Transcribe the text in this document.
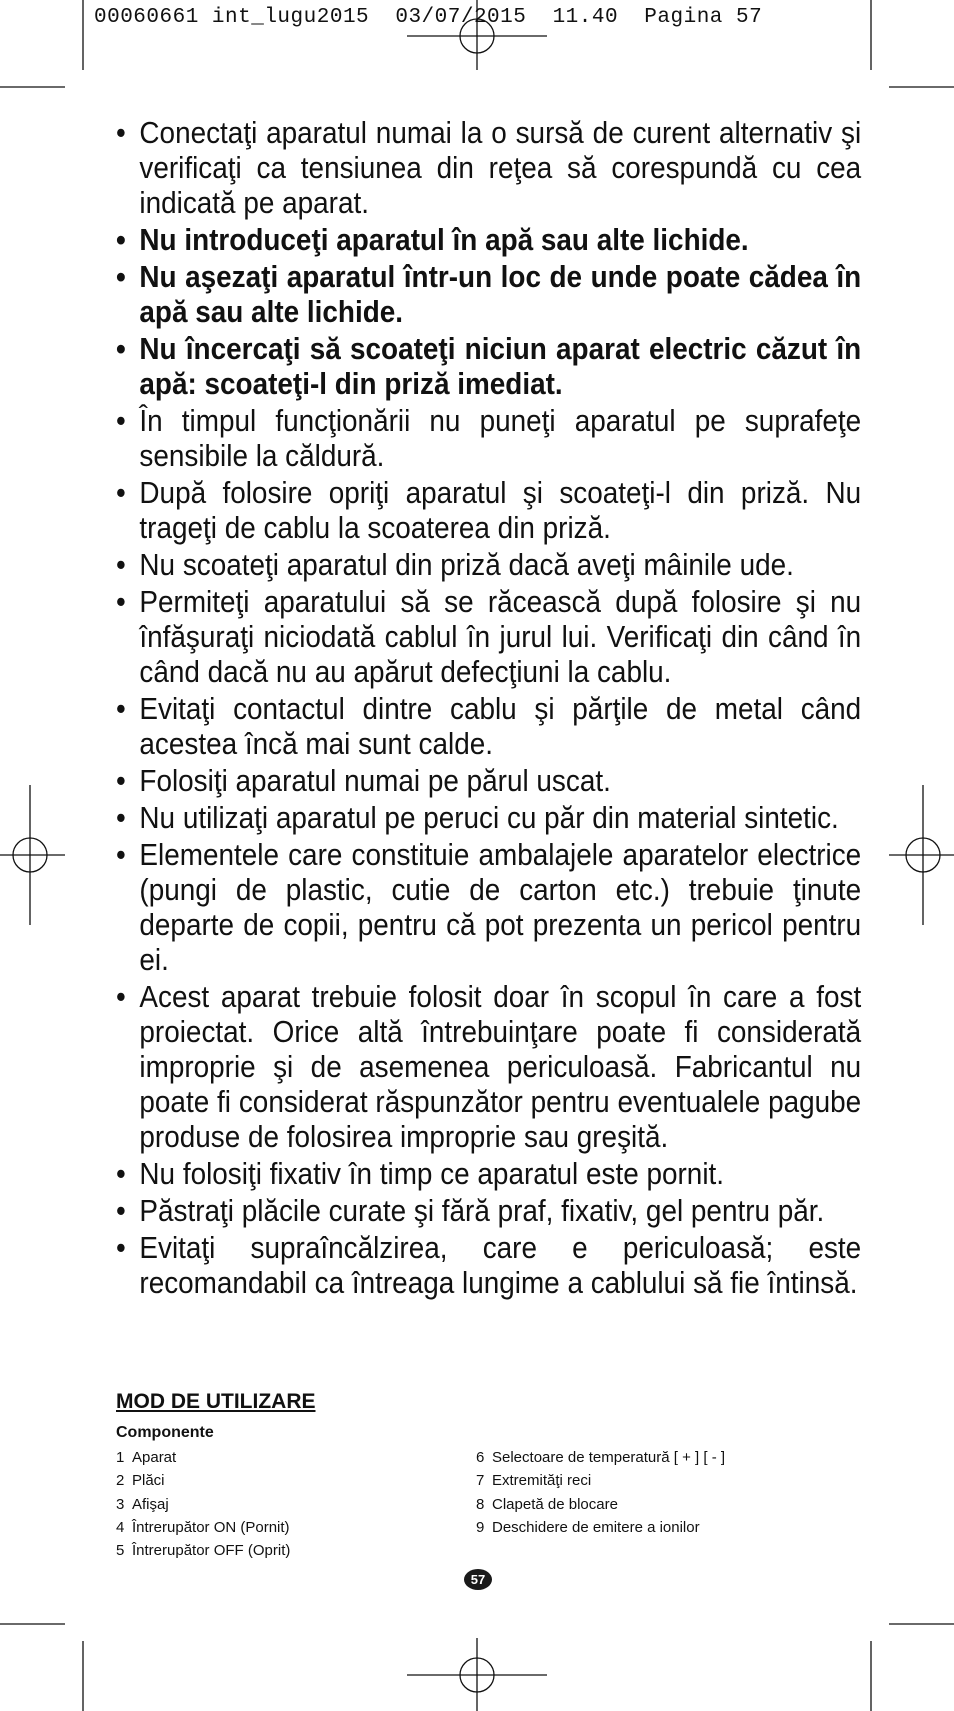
00060661 int_lugu2015  03/07/2015  11.40  Pagina 57
• Conectaţi aparatul numai la o sursă de curent alternativ şi verificaţi ca tensiunea din reţea să corespundă cu cea indicată pe aparat.
• Nu introduceţi aparatul în apă sau alte lichide.
• Nu aşezaţi aparatul într-un loc de unde poate cădea în apă sau alte lichide.
• Nu încercaţi să scoateţi niciun aparat electric căzut în apă: scoateţi-l din priză imediat.
• În timpul funcţionării nu puneţi aparatul pe suprafeţe sensibile la căldură.
• După folosire opriţi aparatul şi scoateţi-l din priză. Nu trageţi de cablu la scoaterea din priză.
• Nu scoateţi aparatul din priză dacă aveţi mâinile ude.
• Permiteţi aparatului să se răcească după folosire şi nu înfăşuraţi niciodată cablul în jurul lui. Verificaţi din când în când dacă nu au apărut defecţiuni la cablu.
• Evitaţi contactul dintre cablu şi părţile de metal când acestea încă mai sunt calde.
• Folosiţi aparatul numai pe părul uscat.
• Nu utilizaţi aparatul pe peruci cu păr din material sintetic.
• Elementele care constituie ambalajele aparatelor electrice (pungi de plastic, cutie de carton etc.) trebuie ţinute departe de copii, pentru că pot prezenta un pericol pentru ei.
• Acest aparat trebuie folosit doar în scopul în care a fost proiectat. Orice altă întrebuinţare poate fi considerată improprie şi de asemenea periculoasă. Fabricantul nu poate fi considerat răspunzător pentru eventualele pagube produse de folosirea improprie sau greşită.
• Nu folosiţi fixativ în timp ce aparatul este pornit.
• Păstraţi plăcile curate şi fără praf, fixativ, gel pentru păr.
• Evitaţi supraîncălzirea, care e periculoasă; este recomandabil ca întreaga lungime a cablului să fie întinsă.
MOD DE UTILIZARE
Componente
1 Aparat
2 Plăci
3 Afişaj
4 Întrerupător ON (Pornit)
5 Întrerupător OFF (Oprit)
6 Selectoare de temperatură [ + ] [ - ]
7 Extremităţi reci
8 Clapetă de blocare
9 Deschidere de emitere a ionilor
57
